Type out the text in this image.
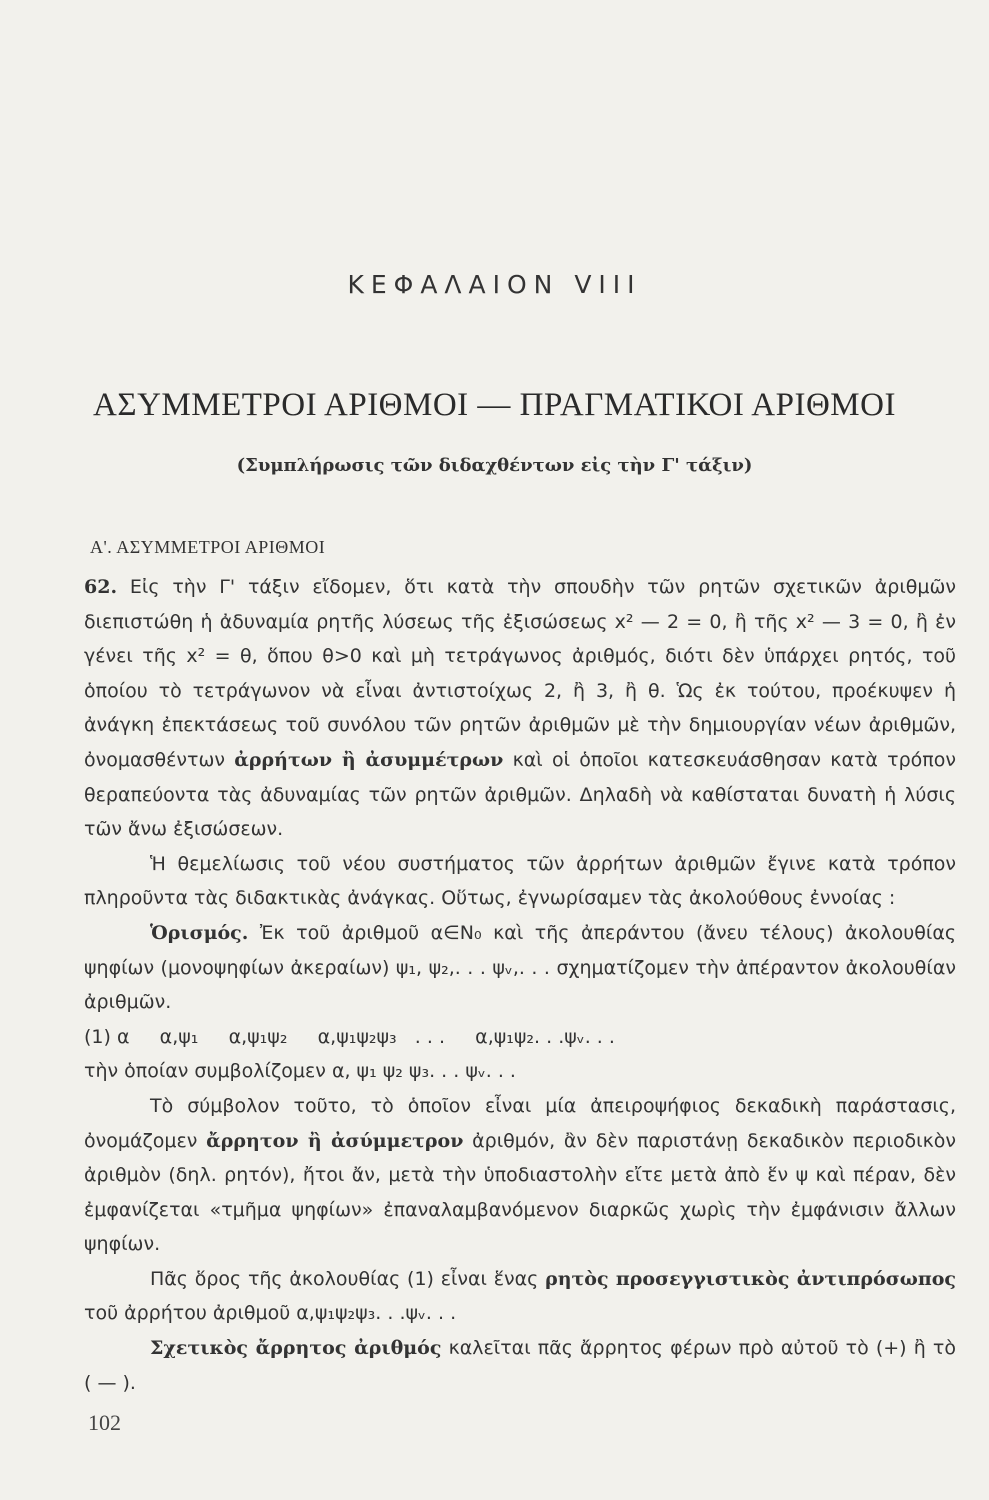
ΚΕΦΑΛΑΙΟΝ VIII
ΑΣΥΜΜΕΤΡΟΙ ΑΡΙΘΜΟΙ — ΠΡΑΓΜΑΤΙΚΟΙ ΑΡΙΘΜΟΙ
(Συμπλήρωσις τῶν διδαχθέντων εἰς τὴν Γ' τάξιν)
Α'. ΑΣΥΜΜΕΤΡΟΙ ΑΡΙΘΜΟΙ

62. Εἰς τὴν Γ' τάξιν εἴδομεν, ὅτι κατὰ τὴν σπουδὴν τῶν ρητῶν σχετικῶν ἀριθμῶν διεπιστώθη ἡ ἀδυναμία ρητῆς λύσεως τῆς ἐξισώσεως x² — 2 = 0, ἢ τῆς x² — 3 = 0, ἢ ἐν γένει τῆς x² = θ, ὅπου θ>0 καὶ μὴ τετράγωνος ἀριθμός, διότι δὲν ὑπάρχει ρητός, τοῦ ὁποίου τὸ τετράγωνον νὰ εἶναι ἀντιστοίχως 2, ἢ 3, ἢ θ. Ὡς ἐκ τούτου, προέκυψεν ἡ ἀνάγκη ἐπεκτάσεως τοῦ συνόλου τῶν ρητῶν ἀριθμῶν μὲ τὴν δημιουργίαν νέων ἀριθμῶν, ὀνομασθέντων ἀρρήτων ἢ ἀσυμμέτρων καὶ οἱ ὁποῖοι κατεσκευάσθησαν κατὰ τρόπον θεραπεύοντα τὰς ἀδυναμίας τῶν ρητῶν ἀριθμῶν. Δηλαδὴ νὰ καθίσταται δυνατὴ ἡ λύσις τῶν ἄνω ἐξισώσεων.

Ἡ θεμελίωσις τοῦ νέου συστήματος τῶν ἀρρήτων ἀριθμῶν ἔγινε κατὰ τρόπον πληροῦντα τὰς διδακτικὰς ἀνάγκας. Οὕτως, ἐγνωρίσαμεν τὰς ἀκολούθους ἐννοίας :

Ὁρισμός. Ἐκ τοῦ ἀριθμοῦ α∈N₀ καὶ τῆς ἀπεράντου (ἄνευ τέλους) ἀκολουθίας ψηφίων (μονοψηφίων ἀκεραίων) ψ₁, ψ₂,. . . ψᵥ,. . . σχηματίζομεν τὴν ἀπέραντον ἀκολουθίαν ἀριθμῶν.

(1) α     α,ψ₁     α,ψ₁ψ₂     α,ψ₁ψ₂ψ₃   . . .     α,ψ₁ψ₂. . .ψᵥ. . .

τὴν ὁποίαν συμβολίζομεν α, ψ₁ ψ₂ ψ₃. . . ψᵥ. . .

Τὸ σύμβολον τοῦτο, τὸ ὁποῖον εἶναι μία ἀπειροψήφιος δεκαδικὴ παράστασις, ὀνομάζομεν ἄρρητον ἢ ἀσύμμετρον ἀριθμόν, ἂν δὲν παριστάνῃ δεκαδικὸν περιοδικὸν ἀριθμὸν (δηλ. ρητόν), ἤτοι ἄν, μετὰ τὴν ὑποδιαστολὴν εἴτε μετὰ ἀπὸ ἕν ψ καὶ πέραν, δὲν ἐμφανίζεται «τμῆμα ψηφίων» ἐπαναλαμβανόμενον διαρκῶς χωρὶς τὴν ἐμφάνισιν ἄλλων ψηφίων.

Πᾶς ὅρος τῆς ἀκολουθίας (1) εἶναι ἕνας ρητὸς προσεγγιστικὸς ἀντιπρόσωπος τοῦ ἀρρήτου ἀριθμοῦ α,ψ₁ψ₂ψ₃. . .ψᵥ. . .

Σχετικὸς ἄρρητος ἀριθμός καλεῖται πᾶς ἄρρητος φέρων πρὸ αὐτοῦ τὸ (+) ἢ τὸ ( — ).

102
